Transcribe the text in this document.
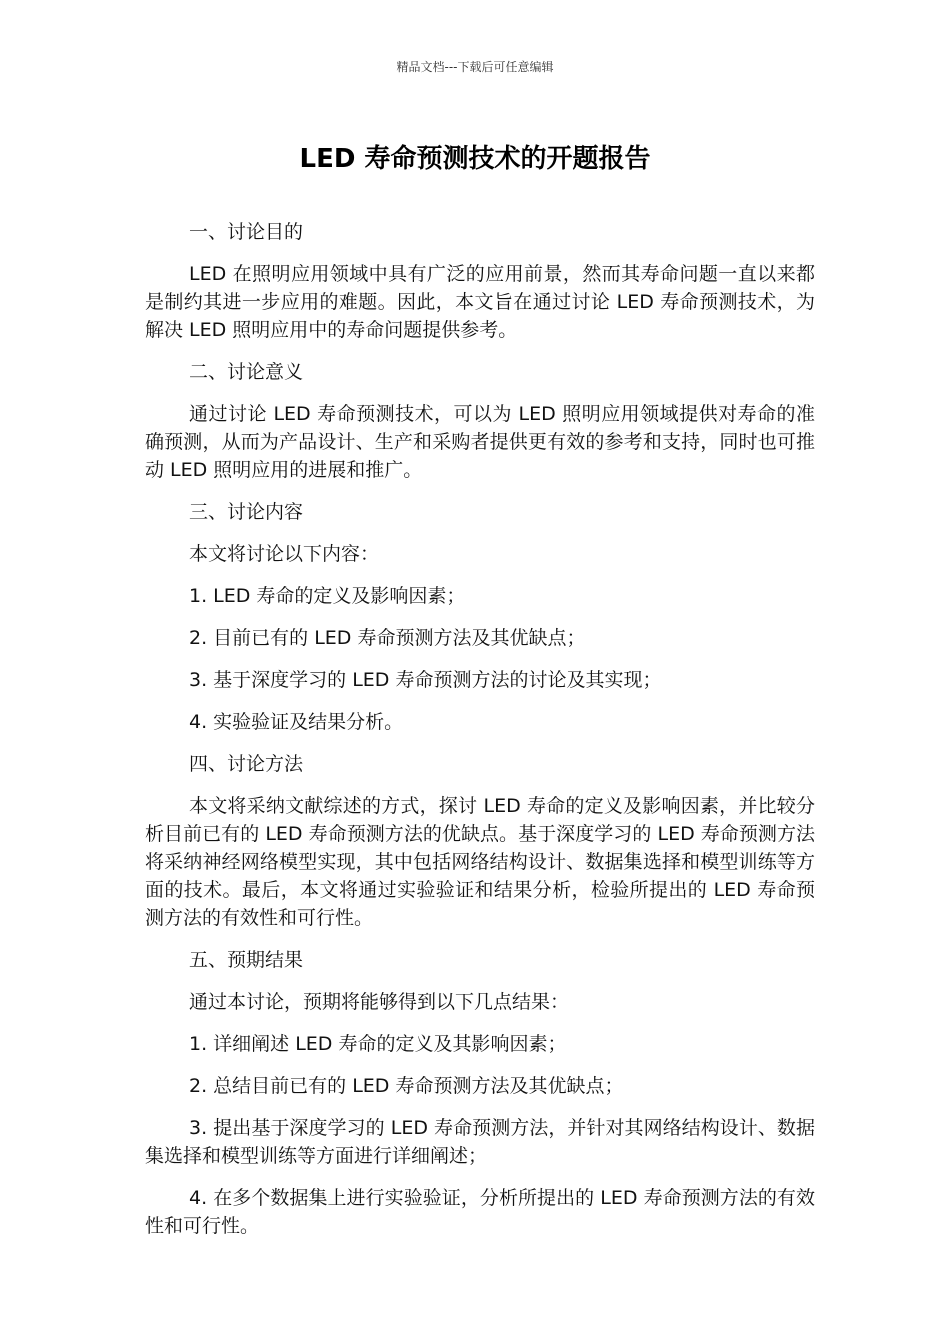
精品文档---下载后可任意编辑
LED 寿命预测技术的开题报告

一、讨论目的

LED 在照明应用领域中具有广泛的应用前景，然而其寿命问题一直以来都是制约其进一步应用的难题。因此，本文旨在通过讨论 LED 寿命预测技术，为解决 LED 照明应用中的寿命问题提供参考。

二、讨论意义

通过讨论 LED 寿命预测技术，可以为 LED 照明应用领域提供对寿命的准确预测，从而为产品设计、生产和采购者提供更有效的参考和支持，同时也可推动 LED 照明应用的进展和推广。

三、讨论内容

本文将讨论以下内容：

1. LED 寿命的定义及影响因素；

2. 目前已有的 LED 寿命预测方法及其优缺点；

3. 基于深度学习的 LED 寿命预测方法的讨论及其实现；

4. 实验验证及结果分析。

四、讨论方法

本文将采纳文献综述的方式，探讨 LED 寿命的定义及影响因素，并比较分析目前已有的 LED 寿命预测方法的优缺点。基于深度学习的 LED 寿命预测方法将采纳神经网络模型实现，其中包括网络结构设计、数据集选择和模型训练等方面的技术。最后，本文将通过实验验证和结果分析，检验所提出的 LED 寿命预测方法的有效性和可行性。

五、预期结果

通过本讨论，预期将能够得到以下几点结果：

1. 详细阐述 LED 寿命的定义及其影响因素；

2. 总结目前已有的 LED 寿命预测方法及其优缺点；

3. 提出基于深度学习的 LED 寿命预测方法，并针对其网络结构设计、数据集选择和模型训练等方面进行详细阐述；

4. 在多个数据集上进行实验验证，分析所提出的 LED 寿命预测方法的有效性和可行性。
